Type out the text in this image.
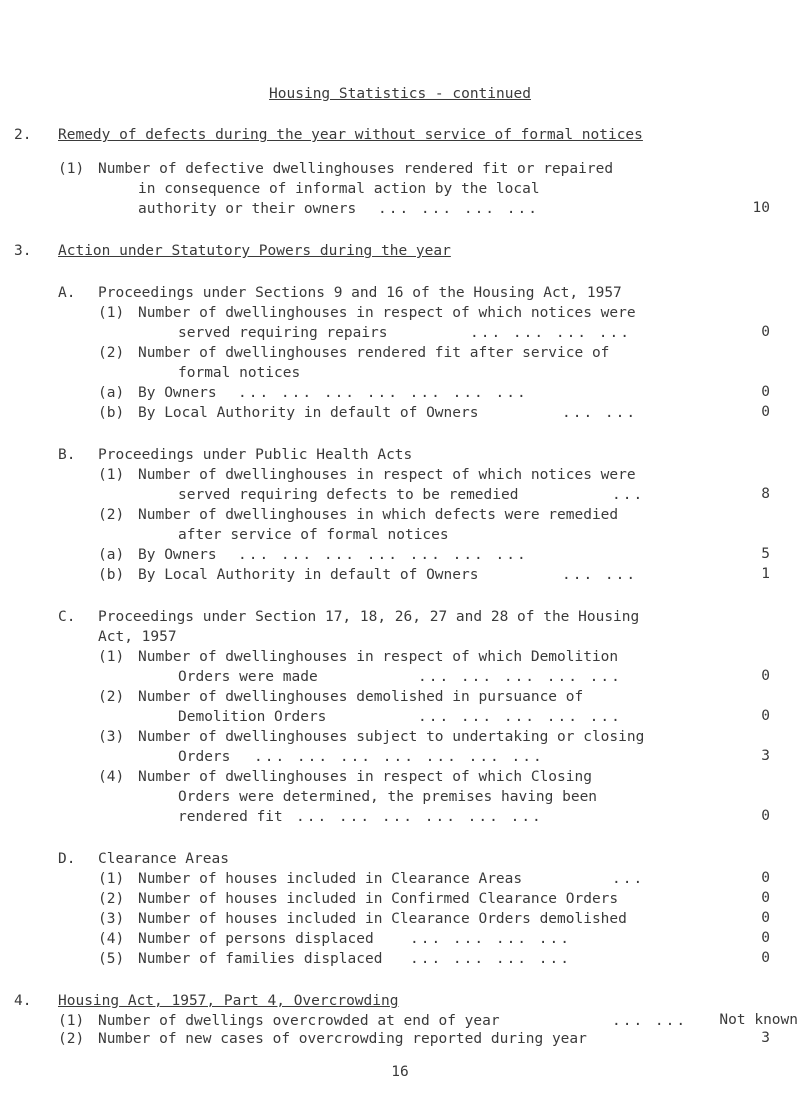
Housing Statistics - continued
2. Remedy of defects during the year without service of formal notices
(1) Number of defective dwellinghouses rendered fit or repaired
in consequence of informal action by the local
authority or their owners ... ... ... ...	10
3. Action under Statutory Powers during the year
A. Proceedings under Sections 9 and 16 of the Housing Act, 1957
(1) Number of dwellinghouses in respect of which notices were
served requiring repairs	... ... ... ...	0
(2) Number of dwellinghouses rendered fit after service of
formal notices
(a) By Owners ... ... ... ... ... ... ...	0
(b) By Local Authority in default of Owners	... ...	0
B. Proceedings under Public Health Acts
(1) Number of dwellinghouses in respect of which notices were
served requiring defects to be remedied	...	8
(2) Number of dwellinghouses in which defects were remedied
after service of formal notices
(a) By Owners ... ... ... ... ... ... ...	5
(b) By Local Authority in default of Owners	... ...	1
C. Proceedings under Section 17, 18, 26, 27 and 28 of the Housing
Act, 1957
(1) Number of dwellinghouses in respect of which Demolition
Orders were made	... ... ... ... ...	0
(2) Number of dwellinghouses demolished in pursuance of
Demolition Orders	... ... ... ... ...	0
(3) Number of dwellinghouses subject to undertaking or closing
Orders ... ... ... ... ... ... ...	3
(4) Number of dwellinghouses in respect of which Closing
Orders were determined, the premises having been
rendered fit ... ... ... ... ... ...	0
D. Clearance Areas
(1) Number of houses included in Clearance Areas	...	0
(2) Number of houses included in Confirmed Clearance Orders	0
(3) Number of houses included in Clearance Orders demolished	0
(4) Number of persons displaced	... ... ... ...	0
(5) Number of families displaced ... ... ... ...	0
4. Housing Act, 1957, Part 4, Overcrowding
(1) Number of dwellings overcrowded at end of year	... ... Not known
(2) Number of new cases of overcrowding reported during year	3
16
